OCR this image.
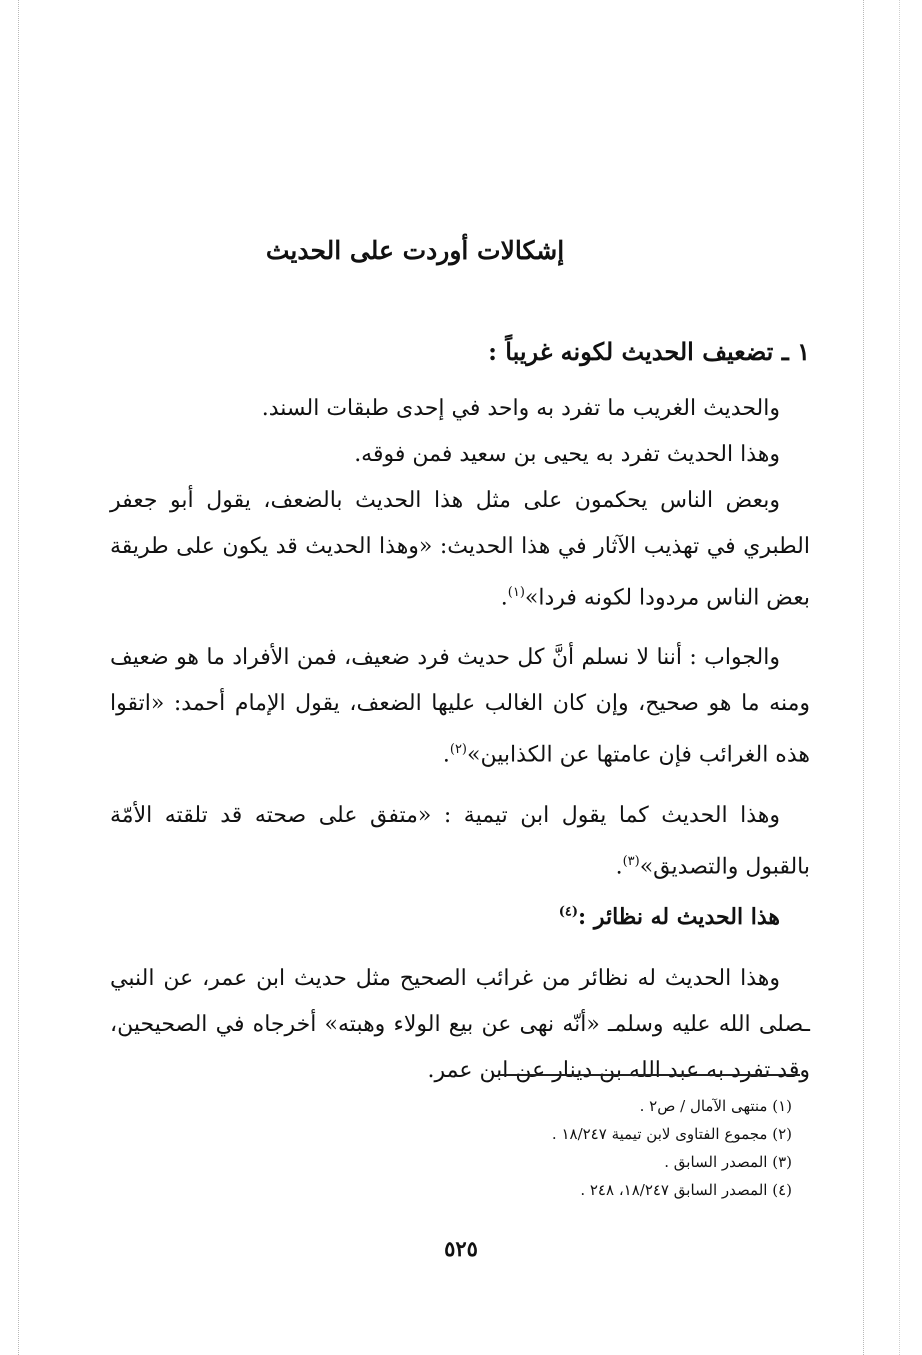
إشكالات أوردت على الحديث
١ ـ تضعيف الحديث لكونه غريباً :

والحديث الغريب ما تفرد به واحد في إحدى طبقات السند.

وهذا الحديث تفرد به يحيى بن سعيد فمن فوقه.

وبعض الناس يحكمون على مثل هذا الحديث بالضعف، يقول أبو جعفر الطبري في تهذيب الآثار في هذا الحديث: «وهذا الحديث قد يكون على طريقة بعض الناس مردودا لكونه فردا»$^{(١)}$.

والجواب : أننا لا نسلم أنَّ كل حديث فرد ضعيف، فمن الأفراد ما هو ضعيف ومنه ما هو صحيح، وإن كان الغالب عليها الضعف، يقول الإمام أحمد: «اتقوا هذه الغرائب فإن عامتها عن الكذابين»$^{(٢)}$.

وهذا الحديث كما يقول ابن تيمية : «متفق على صحته قد تلقته الأمّة بالقبول والتصديق»$^{(٣)}$.

هذا الحديث له نظائر :$^{(٤)}$

وهذا الحديث له نظائر من غرائب الصحيح مثل حديث ابن عمر، عن النبي ـصلى الله عليه وسلمـ «أنّه نهى عن بيع الولاء وهبته» أخرجاه في الصحيحين، وقد تفرد به عبد الله بن دينار عن ابن عمر.

(١) منتهى الآمال / ص٢ .
(٢) مجموع الفتاوى لابن تيمية ١٨/٢٤٧ .
(٣) المصدر السابق .
(٤) المصدر السابق ١٨/٢٤٧، ٢٤٨ .
٥٢٥
